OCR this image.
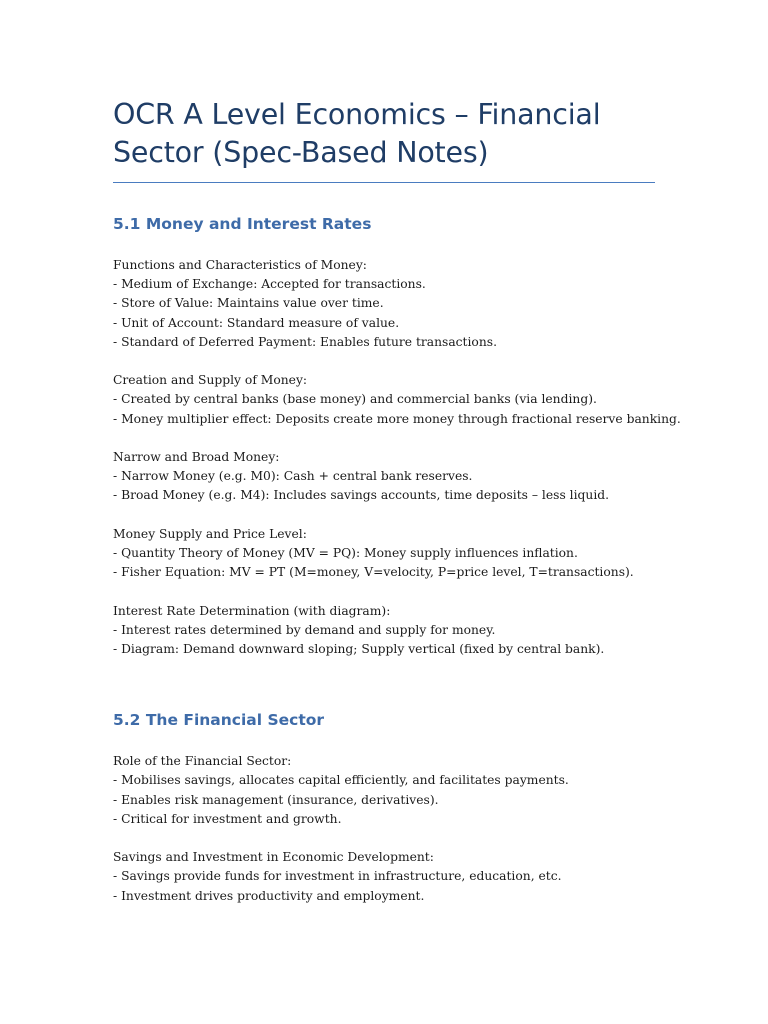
OCR A Level Economics – Financial
Sector (Spec-Based Notes)
5.1 Money and Interest Rates
Functions and Characteristics of Money:
- Medium of Exchange: Accepted for transactions.
- Store of Value: Maintains value over time.
- Unit of Account: Standard measure of value.
- Standard of Deferred Payment: Enables future transactions.
Creation and Supply of Money:
- Created by central banks (base money) and commercial banks (via lending).
- Money multiplier effect: Deposits create more money through fractional reserve banking.
Narrow and Broad Money:
- Narrow Money (e.g. M0): Cash + central bank reserves.
- Broad Money (e.g. M4): Includes savings accounts, time deposits – less liquid.
Money Supply and Price Level:
- Quantity Theory of Money (MV = PQ): Money supply influences inflation.
- Fisher Equation: MV = PT (M=money, V=velocity, P=price level, T=transactions).
Interest Rate Determination (with diagram):
- Interest rates determined by demand and supply for money.
- Diagram: Demand downward sloping; Supply vertical (fixed by central bank).
5.2 The Financial Sector
Role of the Financial Sector:
- Mobilises savings, allocates capital efficiently, and facilitates payments.
- Enables risk management (insurance, derivatives).
- Critical for investment and growth.
Savings and Investment in Economic Development:
- Savings provide funds for investment in infrastructure, education, etc.
- Investment drives productivity and employment.
